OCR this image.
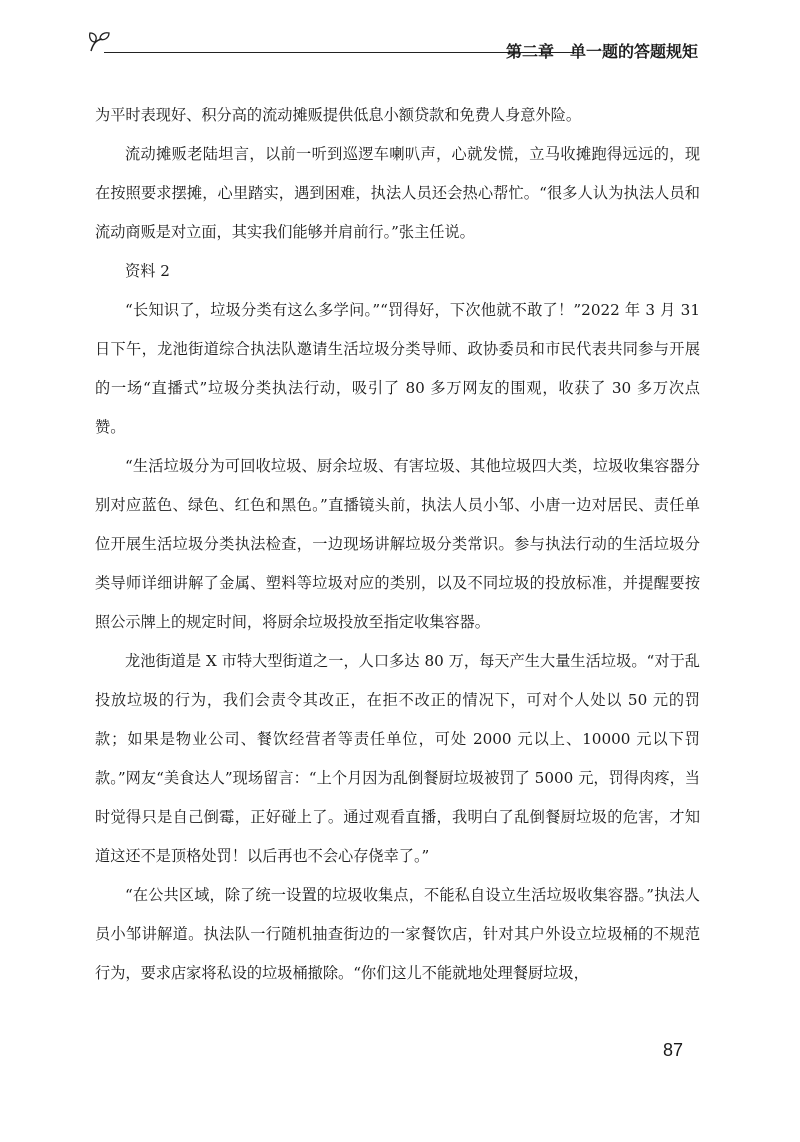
第二章 单一题的答题规矩

为平时表现好、积分高的流动摊贩提供低息小额贷款和免费人身意外险。

流动摊贩老陆坦言，以前一听到巡逻车喇叭声，心就发慌，立马收摊跑得远远的，现在按照要求摆摊，心里踏实，遇到困难，执法人员还会热心帮忙。“很多人认为执法人员和流动商贩是对立面，其实我们能够并肩前行。”张主任说。

资料 2

“长知识了，垃圾分类有这么多学问。”“罚得好，下次他就不敢了！”2022 年 3 月 31 日下午，龙池街道综合执法队邀请生活垃圾分类导师、政协委员和市民代表共同参与开展的一场“直播式”垃圾分类执法行动，吸引了 80 多万网友的围观，收获了 30 多万次点赞。

“生活垃圾分为可回收垃圾、厨余垃圾、有害垃圾、其他垃圾四大类，垃圾收集容器分别对应蓝色、绿色、红色和黑色。”直播镜头前，执法人员小邹、小唐一边对居民、责任单位开展生活垃圾分类执法检查，一边现场讲解垃圾分类常识。参与执法行动的生活垃圾分类导师详细讲解了金属、塑料等垃圾对应的类别，以及不同垃圾的投放标准，并提醒要按照公示牌上的规定时间，将厨余垃圾投放至指定收集容器。

龙池街道是 X 市特大型街道之一，人口多达 80 万，每天产生大量生活垃圾。“对于乱投放垃圾的行为，我们会责令其改正，在拒不改正的情况下，可对个人处以 50 元的罚款；如果是物业公司、餐饮经营者等责任单位，可处 2000 元以上、10000 元以下罚款。”网友“美食达人”现场留言：“上个月因为乱倒餐厨垃圾被罚了 5000 元，罚得肉疼，当时觉得只是自己倒霉，正好碰上了。通过观看直播，我明白了乱倒餐厨垃圾的危害，才知道这还不是顶格处罚！以后再也不会心存侥幸了。”

“在公共区域，除了统一设置的垃圾收集点，不能私自设立生活垃圾收集容器。”执法人员小邹讲解道。执法队一行随机抽查街边的一家餐饮店，针对其户外设立垃圾桶的不规范行为，要求店家将私设的垃圾桶撤除。“你们这儿不能就地处理餐厨垃圾，

87
